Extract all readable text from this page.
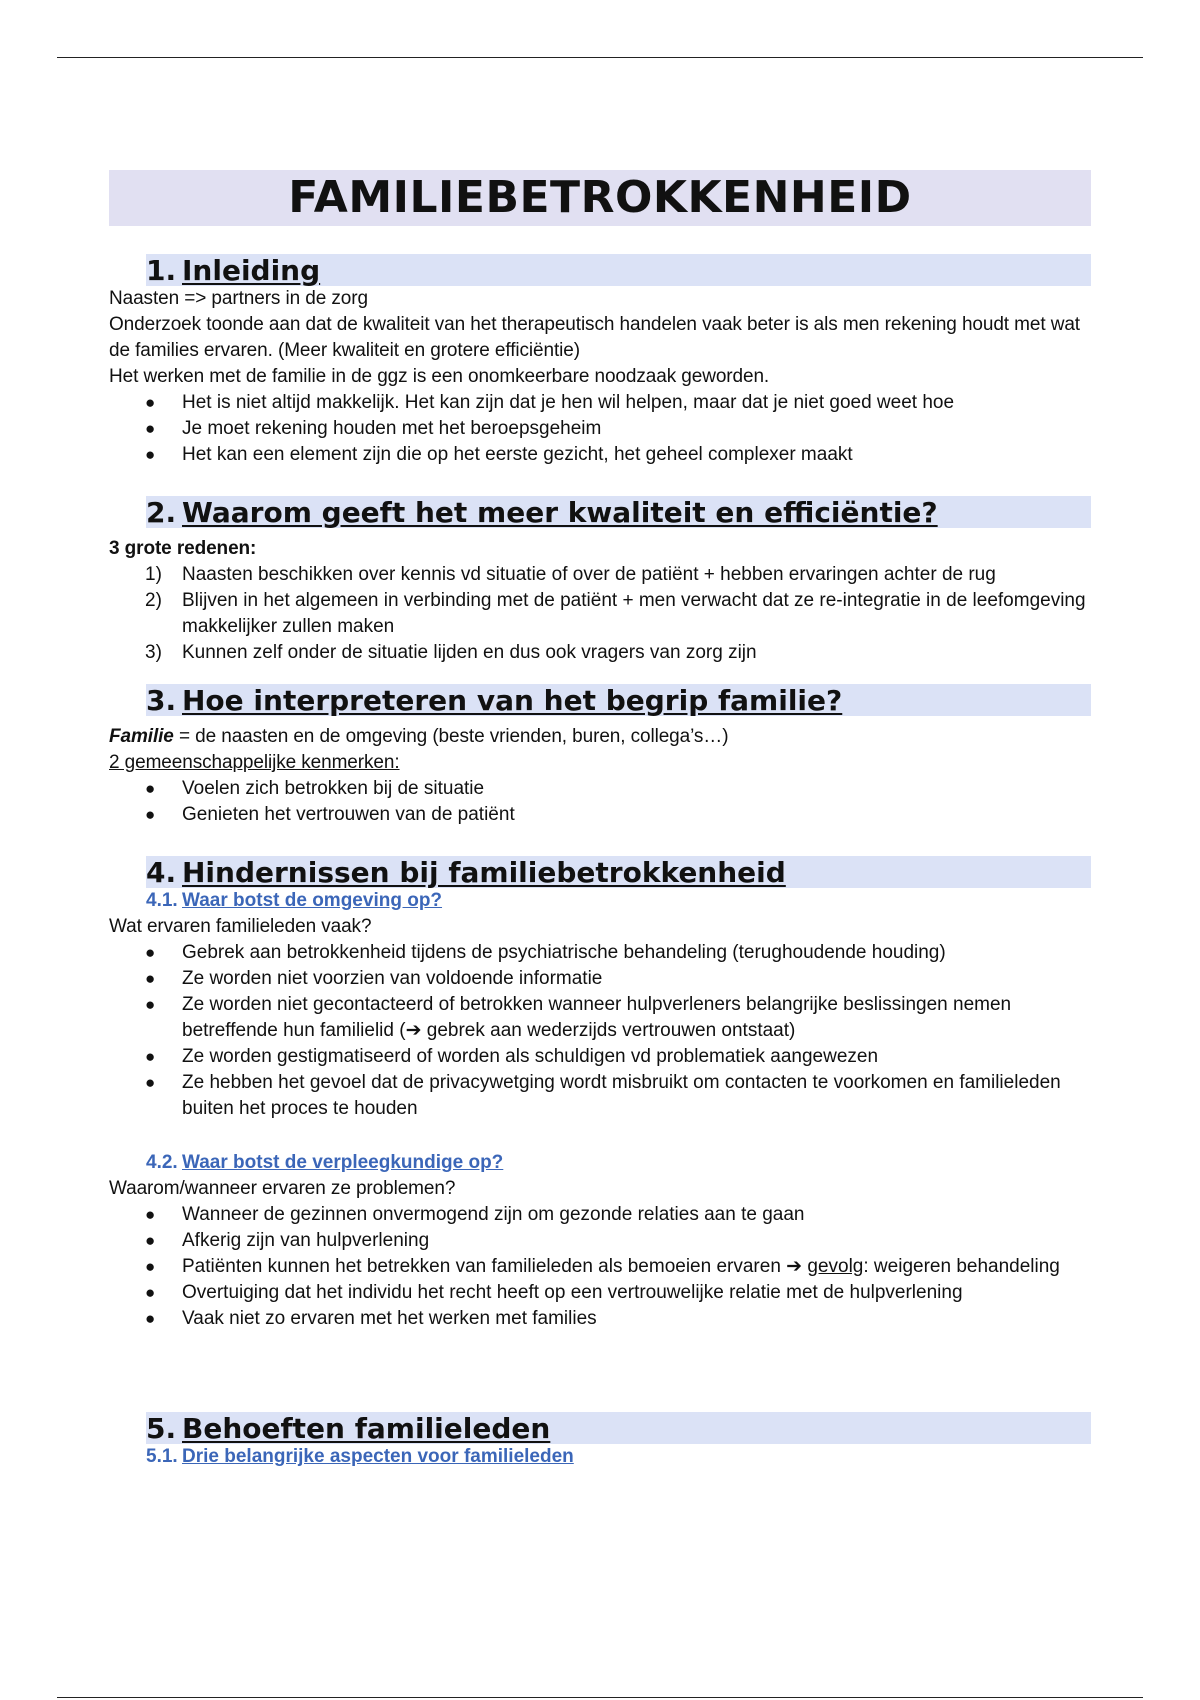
FAMILIEBETROKKENHEID
1. Inleiding

Naasten => partners in de zorg

Onderzoek toonde aan dat de kwaliteit van het therapeutisch handelen vaak beter is als men rekening houdt met wat de families ervaren. (Meer kwaliteit en grotere efficiëntie)

Het werken met de familie in de ggz is een onomkeerbare noodzaak geworden.

● Het is niet altijd makkelijk. Het kan zijn dat je hen wil helpen, maar dat je niet goed weet hoe
● Je moet rekening houden met het beroepsgeheim
● Het kan een element zijn die op het eerste gezicht, het geheel complexer maakt
2. Waarom geeft het meer kwaliteit en efficiëntie?

3 grote redenen:

1) Naasten beschikken over kennis vd situatie of over de patiënt + hebben ervaringen achter de rug
2) Blijven in het algemeen in verbinding met de patiënt + men verwacht dat ze re-integratie in de leefomgeving makkelijker zullen maken
3) Kunnen zelf onder de situatie lijden en dus ook vragers van zorg zijn
3. Hoe interpreteren van het begrip familie?

Familie = de naasten en de omgeving (beste vrienden, buren, collega’s…)

2 gemeenschappelijke kenmerken:

● Voelen zich betrokken bij de situatie
● Genieten het vertrouwen van de patiënt
4. Hindernissen bij familiebetrokkenheid
4.1. Waar botst de omgeving op?

Wat ervaren familieleden vaak?

● Gebrek aan betrokkenheid tijdens de psychiatrische behandeling (terughoudende houding)
● Ze worden niet voorzien van voldoende informatie
● Ze worden niet gecontacteerd of betrokken wanneer hulpverleners belangrijke beslissingen nemen betreffende hun familielid (➔ gebrek aan wederzijds vertrouwen ontstaat)
● Ze worden gestigmatiseerd of worden als schuldigen vd problematiek aangewezen
● Ze hebben het gevoel dat de privacywetging wordt misbruikt om contacten te voorkomen en familieleden buiten het proces te houden
4.2. Waar botst de verpleegkundige op?

Waarom/wanneer ervaren ze problemen?

● Wanneer de gezinnen onvermogend zijn om gezonde relaties aan te gaan
● Afkerig zijn van hulpverlening
● Patiënten kunnen het betrekken van familieleden als bemoeien ervaren ➔ gevolg: weigeren behandeling
● Overtuiging dat het individu het recht heeft op een vertrouwelijke relatie met de hulpverlening
● Vaak niet zo ervaren met het werken met families
5. Behoeften familieleden
5.1. Drie belangrijke aspecten voor familieleden
